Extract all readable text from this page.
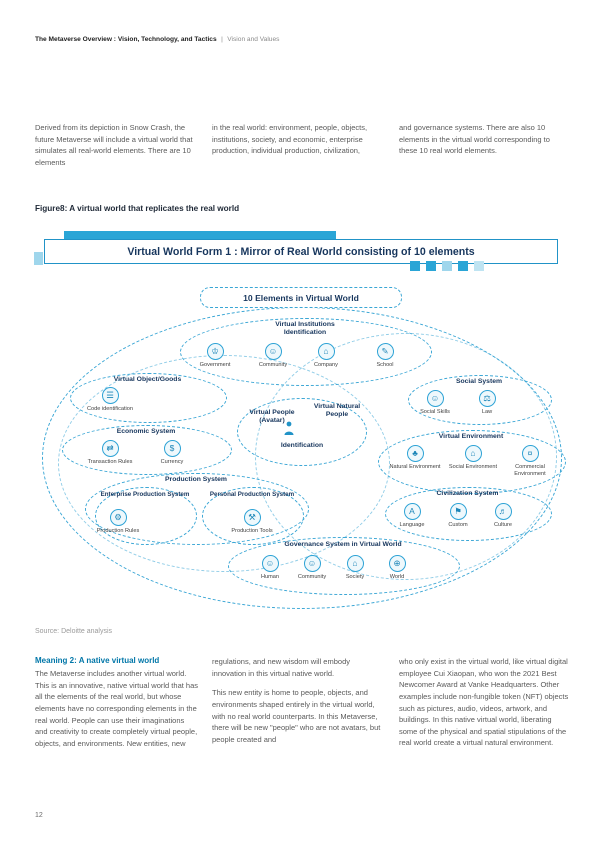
The Metaverse Overview : Vision, Technology, and Tactics | Vision and Values
Derived from its depiction in Snow Crash, the future Metaverse will include a virtual world that simulates all real-world elements. There are 10 elements
in the real world: environment, people, objects, institutions, society, and economic, enterprise production, individual production, civilization,
and governance systems. There are also 10 elements in the virtual world corresponding to these 10 real world elements.
Figure8: A virtual world that replicates the real world
Virtual World Form 1 : Mirror of Real World consisting of 10 elements
10 Elements in Virtual World
Virtual Institutions
Identification
♔
Government
☺
Community
⌂
Company
✎
School
Virtual Object/Goods
☰
Code identification
Social System
☺
Social Skills
⚖
Law
Virtual People (Avatar)
Virtual Natural People
Identification
Economic System
⇄
Transaction Rules
$
Currency
Virtual Environment
♣
Natural Environment
⌂
Social Environment
¤
Commercial Environment
Production System
Enterprise Production System
⚙
Production Rules
Personal Production System
⚒
Production Tools
Civilization System
A
Language
⚑
Custom
♬
Culture
Governance System in Virtual World
☺
Human
☺
Community
⌂
Society
⊕
World
Source: Deloitte analysis
Meaning 2: A native virtual world
The Metaverse includes another virtual world. This is an innovative, native virtual world that has all the elements of the real world, but whose elements have no corresponding elements in the real world. People can use their imaginations and creativity to create completely virtual people, objects, and environments. New entities, new
regulations, and new wisdom will embody innovation in this virtual native world.
This new entity is home to people, objects, and environments shaped entirely in the virtual world, with no real world counterparts. In this Metaverse, there will be new "people" who are not avatars, but people created and
who only exist in the virtual world, like virtual digital employee Cui Xiaopan, who won the 2021 Best Newcomer Award at Vanke Headquarters. Other examples include non-fungible token (NFT) objects such as pictures, audio, videos, artwork, and buildings. In this native virtual world, liberating some of the physical and spatial stipulations of the real world create a virtual natural environment.
12
